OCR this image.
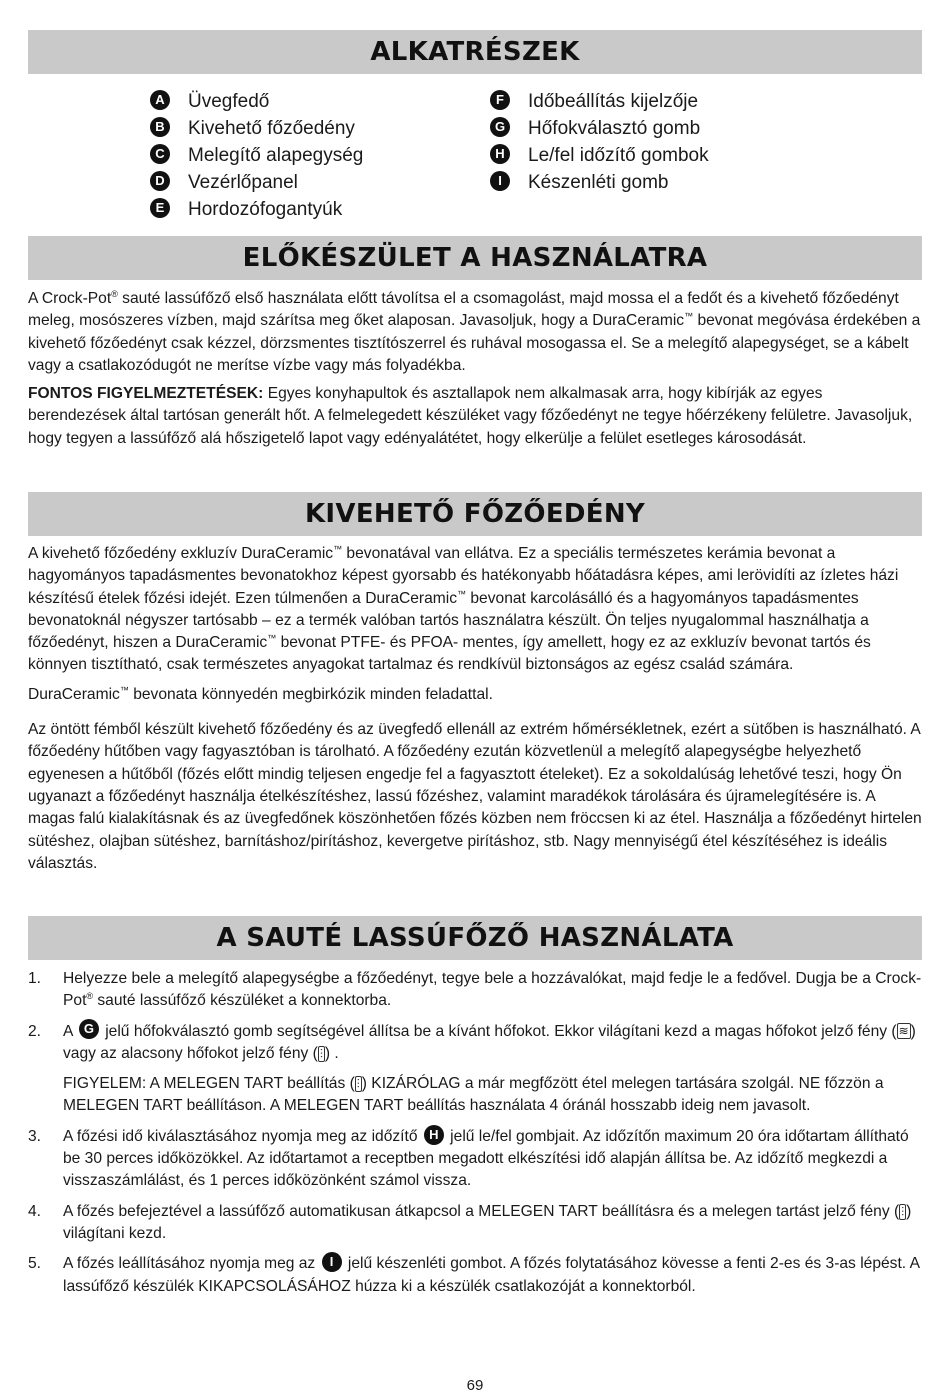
ALKATRÉSZEK
A Üvegfedő
B Kivehető főzőedény
C Melegítő alapegység
D Vezérlőpanel
E Hordozófogantyúk
F Időbeállítás kijelzője
G Hőfokválasztó gomb
H Le/fel időzítő gombok
I Készenléti gomb
ELŐKÉSZÜLET A HASZNÁLATRA

A Crock-Pot® sauté lassúfőző első használata előtt távolítsa el a csomagolást, majd mossa el a fedőt és a kivehető főzőedényt meleg, mosószeres vízben, majd szárítsa meg őket alaposan. Javasoljuk, hogy a DuraCeramic™ bevonat megóvása érdekében a kivehető főzőedényt csak kézzel, dörzsmentes tisztítószerrel és ruhával mosogassa el. Se a melegítő alapegységet, se a kábelt vagy a csatlakozódugót ne merítse vízbe vagy más folyadékba.

FONTOS FIGYELMEZTETÉSEK: Egyes konyhapultok és asztallapok nem alkalmasak arra, hogy kibírják az egyes berendezések által tartósan generált hőt. A felmelegedett készüléket vagy főzőedényt ne tegye hőérzékeny felületre. Javasoljuk, hogy tegyen a lassúfőző alá hőszigetelő lapot vagy edényalátétet, hogy elkerülje a felület esetleges károsodását.

KIVEHETŐ FŐZŐEDÉNY

A kivehető főzőedény exkluzív DuraCeramic™ bevonatával van ellátva. Ez a speciális természetes kerámia bevonat a hagyományos tapadásmentes bevonatokhoz képest gyorsabb és hatékonyabb hőátadásra képes, ami lerövidíti az ízletes házi készítésű ételek főzési idejét. Ezen túlmenően a DuraCeramic™ bevonat karcolásálló és a hagyományos tapadásmentes bevonatoknál négyszer tartósabb – ez a termék valóban tartós használatra készült. Ön teljes nyugalommal használhatja a főzőedényt, hiszen a DuraCeramic™ bevonat PTFE- és PFOA- mentes, így amellett, hogy ez az exkluzív bevonat tartós és könnyen tisztítható, csak természetes anyagokat tartalmaz és rendkívül biztonságos az egész család számára.

DuraCeramic™ bevonata könnyedén megbirkózik minden feladattal.

Az öntött fémből készült kivehető főzőedény és az üvegfedő ellenáll az extrém hőmérsékletnek, ezért a sütőben is használható. A főzőedény hűtőben vagy fagyasztóban is tárolható. A főzőedény ezután közvetlenül a melegítő alapegységbe helyezhető egyenesen a hűtőből (főzés előtt mindig teljesen engedje fel a fagyasztott ételeket). Ez a sokoldalúság lehetővé teszi, hogy Ön ugyanazt a főzőedényt használja ételkészítéshez, lassú főzéshez, valamint maradékok tárolására és újramelegítésére is. A magas falú kialakításnak és az üvegfedőnek köszönhetően főzés közben nem fröccsen ki az étel. Használja a főzőedényt hirtelen sütéshez, olajban sütéshez, barnításhoz/pirításhoz, kevergetve pirításhoz, stb. Nagy mennyiségű étel készítéséhez is ideális választás.

A SAUTÉ LASSÚFŐZŐ HASZNÁLATA
1. Helyezze bele a melegítő alapegységbe a főzőedényt, tegye bele a hozzávalókat, majd fedje le a fedővel. Dugja be a Crock-Pot® sauté lassúfőző készüléket a konnektorba.
2. A G jelű hőfokválasztó gomb segítségével állítsa be a kívánt hőfokot. Ekkor világítani kezd a magas hőfokot jelző fény ( ≋ ) vagy az alacsony hőfokot jelző fény ( ⫶ ) .
FIGYELEM: A MELEGEN TART beállítás ( ⫶ ) KIZÁRÓLAG a már megfőzött étel melegen tartására szolgál. NE főzzön a MELEGEN TART beállításon. A MELEGEN TART beállítás használata 4 óránál hosszabb ideig nem javasolt.
3. A főzési idő kiválasztásához nyomja meg az időzítő H jelű le/fel gombjait. Az időzítőn maximum 20 óra időtartam állítható be 30 perces időközökkel. Az időtartamot a receptben megadott elkészítési idő alapján állítsa be. Az időzítő megkezdi a visszaszámlálást, és 1 perces időközönként számol vissza.
4. A főzés befejeztével a lassúfőző automatikusan átkapcsol a MELEGEN TART beállításra és a melegen tartást jelző fény ( ⫶ ) világítani kezd.
5. A főzés leállításához nyomja meg az I jelű készenléti gombot. A főzés folytatásához kövesse a fenti 2-es és 3-as lépést. A lassúfőző készülék KIKAPCSOLÁSÁHOZ húzza ki a készülék csatlakozóját a konnektorból.
69
